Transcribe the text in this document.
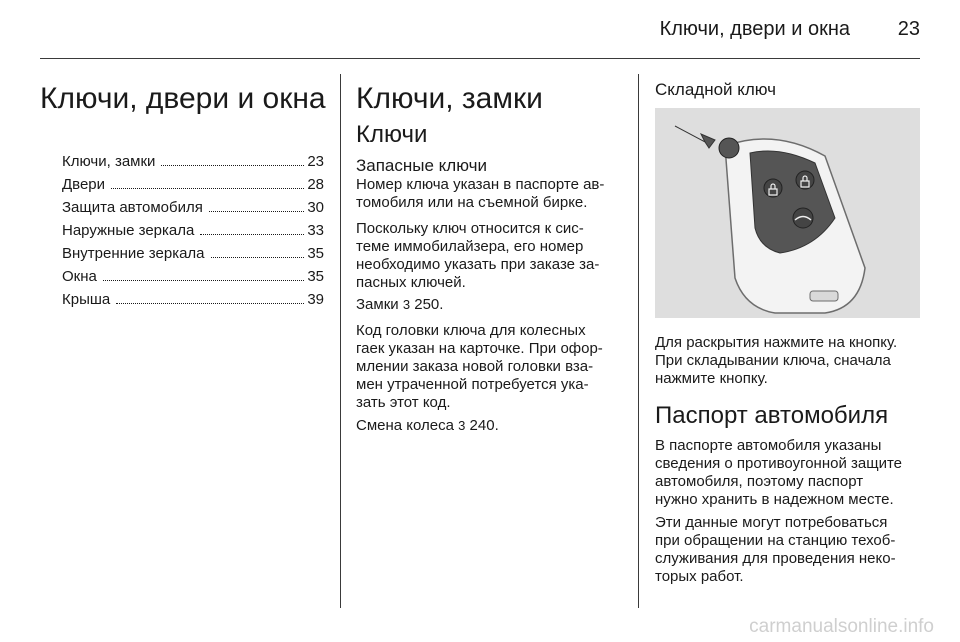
Ключи, двери и окна	23
Ключи, двери и окна
Ключи, замки	23
Двери	28
Защита автомобиля	30
Наружные зеркала	33
Внутренние зеркала	35
Окна	35
Крыша	39
Ключи, замки
Ключи
Запасные ключи
Номер ключа указан в паспорте ав-
томобиля или на съемной бирке.
Поскольку ключ относится к сис-
теме иммобилайзера, его номер
необходимо указать при заказе за-
пасных ключей.
Замки 3 250.
Код головки ключа для колесных
гаек указан на карточке. При офор-
млении заказа новой головки вза-
мен утраченной потребуется ука-
зать этот код.
Смена колеса 3 240.
Складной ключ
Для раскрытия нажмите на кнопку.
При складывании ключа, сначала
нажмите кнопку.
Паспорт автомобиля
В паспорте автомобиля указаны
сведения о противоугонной защите
автомобиля, поэтому паспорт
нужно хранить в надежном месте.
Эти данные могут потребоваться
при обращении на станцию техоб-
служивания для проведения неко-
торых работ.
carmanualsonline.info
